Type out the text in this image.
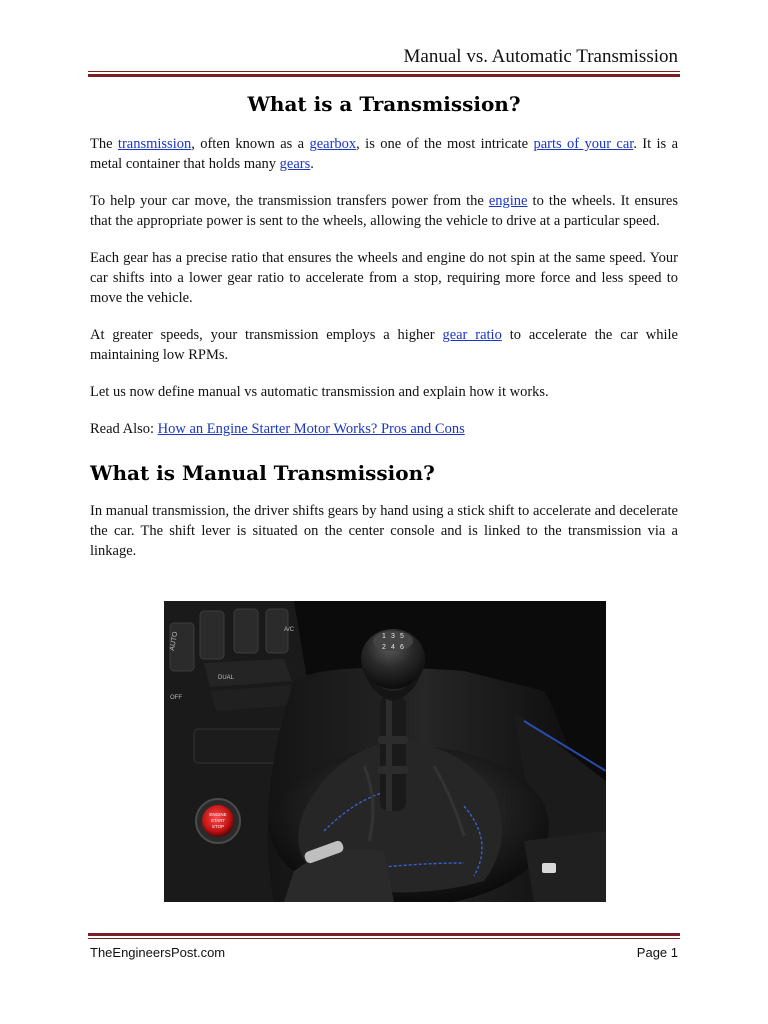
Manual vs. Automatic Transmission
What is a Transmission?

The transmission, often known as a gearbox, is one of the most intricate parts of your car. It is a metal container that holds many gears.

To help your car move, the transmission transfers power from the engine to the wheels. It ensures that the appropriate power is sent to the wheels, allowing the vehicle to drive at a particular speed.

Each gear has a precise ratio that ensures the wheels and engine do not spin at the same speed. Your car shifts into a lower gear ratio to accelerate from a stop, requiring more force and less speed to move the vehicle.

At greater speeds, your transmission employs a higher gear ratio to accelerate the car while maintaining low RPMs.

Let us now define manual vs automatic transmission and explain how it works.

Read Also: How an Engine Starter Motor Works? Pros and Cons

What is Manual Transmission?

In manual transmission, the driver shifts gears by hand using a stick shift to accelerate and decelerate the car. The shift lever is situated on the center console and is linked to the transmission via a linkage.

AUTO
DUAL
OFF
A/C
ENGINE
START
STOP
1 3 5
2 4 6
TheEngineersPost.com	Page 1
